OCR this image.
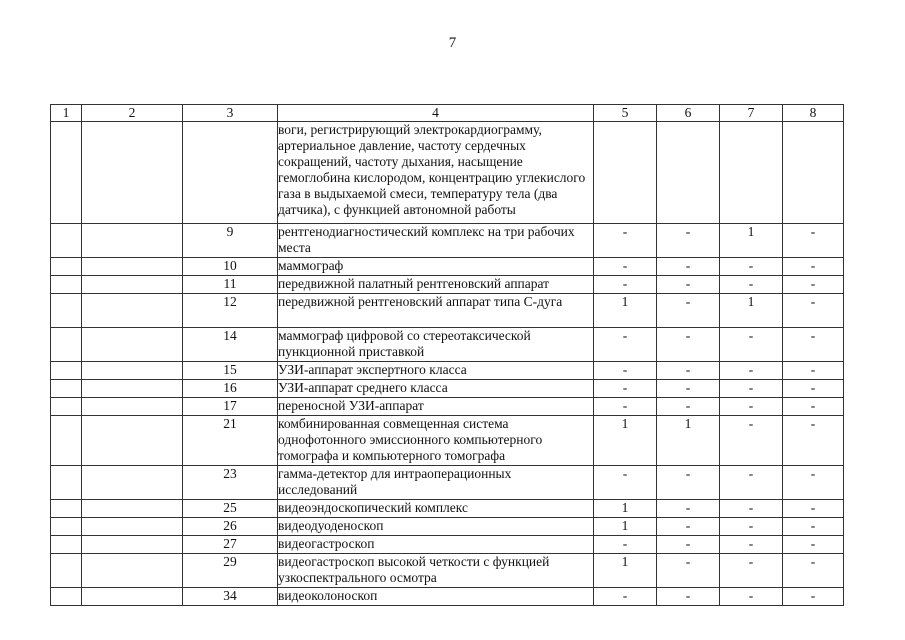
7
1	2	3	4	5	6	7	8
			воги, регистрирующий электрокардиограмму, артериальное давление, частоту сердечных сокращений, частоту дыхания, насыщение гемоглобина кислородом, концентрацию углекислого газа в выдыхаемой смеси, температуру тела (два датчика), с функцией автономной работы				
		9	рентгенодиагностический комплекс на три рабочих места	-	-	1	-
		10	маммограф	-	-	-	-
		11	передвижной палатный рентгеновский аппарат	-	-	-	-
		12	передвижной рентгеновский аппарат типа С-дуга	1	-	1	-
		14	маммограф цифровой со стереотаксической пункционной приставкой	-	-	-	-
		15	УЗИ-аппарат экспертного класса	-	-	-	-
		16	УЗИ-аппарат среднего класса	-	-	-	-
		17	переносной УЗИ-аппарат	-	-	-	-
		21	комбинированная совмещенная система однофотонного эмиссионного компьютерного томографа и компьютерного томографа	1	1	-	-
		23	гамма-детектор для интраоперационных исследований	-	-	-	-
		25	видеоэндоскопический комплекс	1	-	-	-
		26	видеодуоденоскоп	1	-	-	-
		27	видеогастроскоп	-	-	-	-
		29	видеогастроскоп высокой четкости с функцией узкоспектрального осмотра	1	-	-	-
		34	видеоколоноскоп	-	-	-	-
